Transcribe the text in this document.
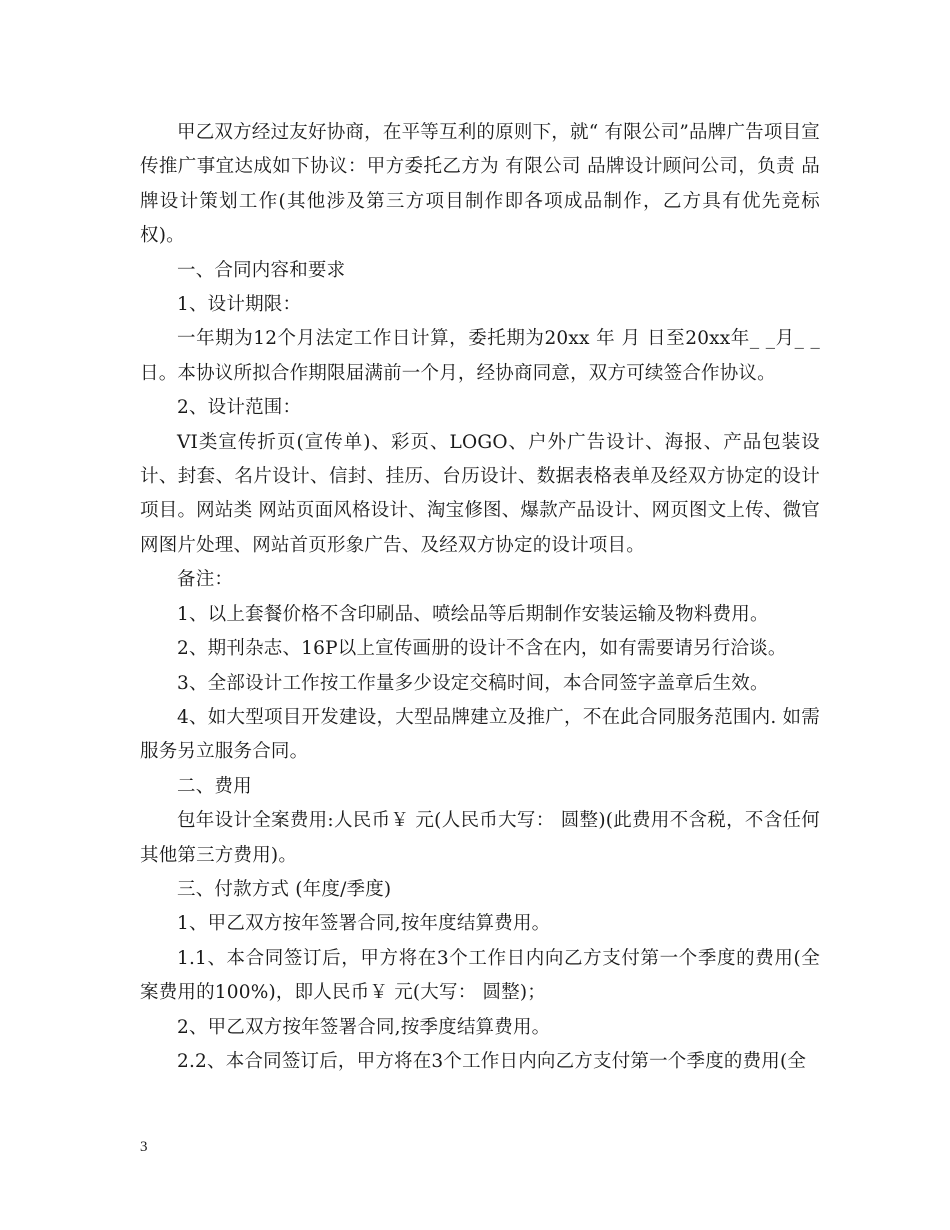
甲乙双方经过友好协商，在平等互利的原则下，就“ 有限公司”品牌广告项目宣传推广事宜达成如下协议：甲方委托乙方为 有限公司 品牌设计顾问公司，负责 品牌设计策划工作(其他涉及第三方项目制作即各项成品制作，乙方具有优先竞标权)。

一、合同内容和要求

1、设计期限：

一年期为12个月法定工作日计算，委托期为20xx 年 月 日至20xx年_ _月_ _ 日。本协议所拟合作期限届满前一个月，经协商同意，双方可续签合作协议。

2、设计范围：

VI类宣传折页(宣传单)、彩页、LOGO、户外广告设计、海报、产品包装设计、封套、名片设计、信封、挂历、台历设计、数据表格表单及经双方协定的设计项目。网站类 网站页面风格设计、淘宝修图、爆款产品设计、网页图文上传、微官网图片处理、网站首页形象广告、及经双方协定的设计项目。

备注：

1、以上套餐价格不含印刷品、喷绘品等后期制作安装运输及物料费用。

2、期刊杂志、16P以上宣传画册的设计不含在内，如有需要请另行洽谈。

3、全部设计工作按工作量多少设定交稿时间，本合同签字盖章后生效。

4、如大型项目开发建设，大型品牌建立及推广，不在此合同服务范围内. 如需服务另立服务合同。

二、费用

包年设计全案费用:人民币￥ 元(人民币大写： 圆整)(此费用不含税，不含任何其他第三方费用)。

三、付款方式 (年度/季度)

1、甲乙双方按年签署合同,按年度结算费用。

1.1、本合同签订后，甲方将在3个工作日内向乙方支付第一个季度的费用(全案费用的100%)，即人民币￥ 元(大写： 圆整)；

2、甲乙双方按年签署合同,按季度结算费用。

2.2、本合同签订后，甲方将在3个工作日内向乙方支付第一个季度的费用(全

3
